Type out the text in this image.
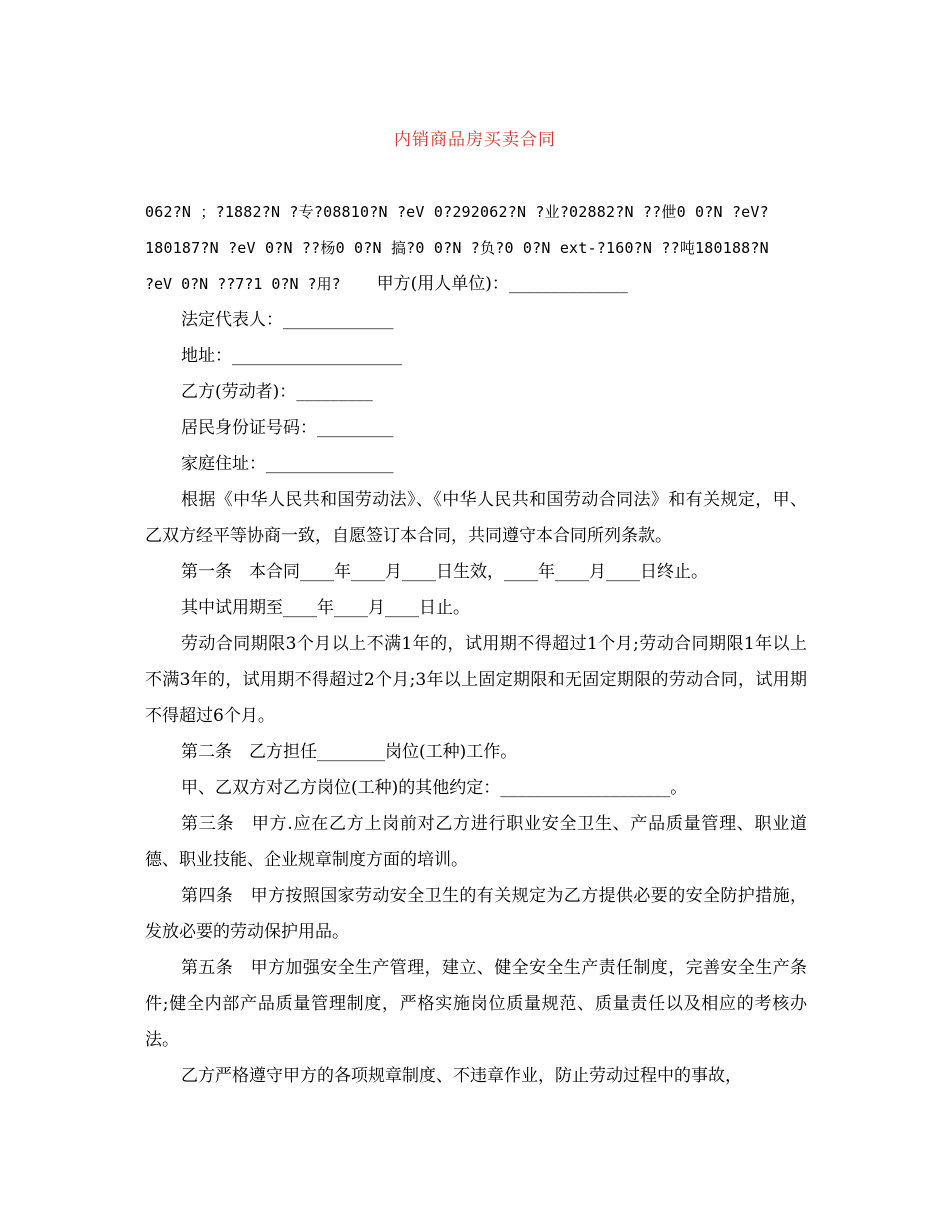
内销商品房买卖合同
062?N ；?1882?N ?专?08810?N ?eV 0?292062?N ?业?02882?N ??伳0 0?N ?eV?
180187?N ?eV 0?N ??杨0 0?N 搞?0 0?N ?负?0 0?N ext-?160?N ??吨180188?N
?eV 0?N ??7?1 0?N ?用? 甲方(用人单位)：______________
法定代表人：_____________
地址：____________________
乙方(劳动者)：_________
居民身份证号码：_________
家庭住址：_______________

根据《中华人民共和国劳动法》、《中华人民共和国劳动合同法》和有关规定，甲、乙双方经平等协商一致，自愿签订本合同，共同遵守本合同所列条款。

第一条　本合同____年____月____日生效，____年____月____日终止。
其中试用期至____年____月____日止。

劳动合同期限3个月以上不满1年的，试用期不得超过1个月;劳动合同期限1年以上不满3年的，试用期不得超过2个月;3年以上固定期限和无固定期限的劳动合同，试用期不得超过6个月。

第二条　乙方担任________岗位(工种)工作。
甲、乙双方对乙方岗位(工种)的其他约定：____________________。

第三条　甲方.应在乙方上岗前对乙方进行职业安全卫生、产品质量管理、职业道德、职业技能、企业规章制度方面的培训。

第四条　甲方按照国家劳动安全卫生的有关规定为乙方提供必要的安全防护措施，发放必要的劳动保护用品。

第五条　甲方加强安全生产管理，建立、健全安全生产责任制度，完善安全生产条件;健全内部产品质量管理制度，严格实施岗位质量规范、质量责任以及相应的考核办法。

乙方严格遵守甲方的各项规章制度、不违章作业，防止劳动过程中的事故，
